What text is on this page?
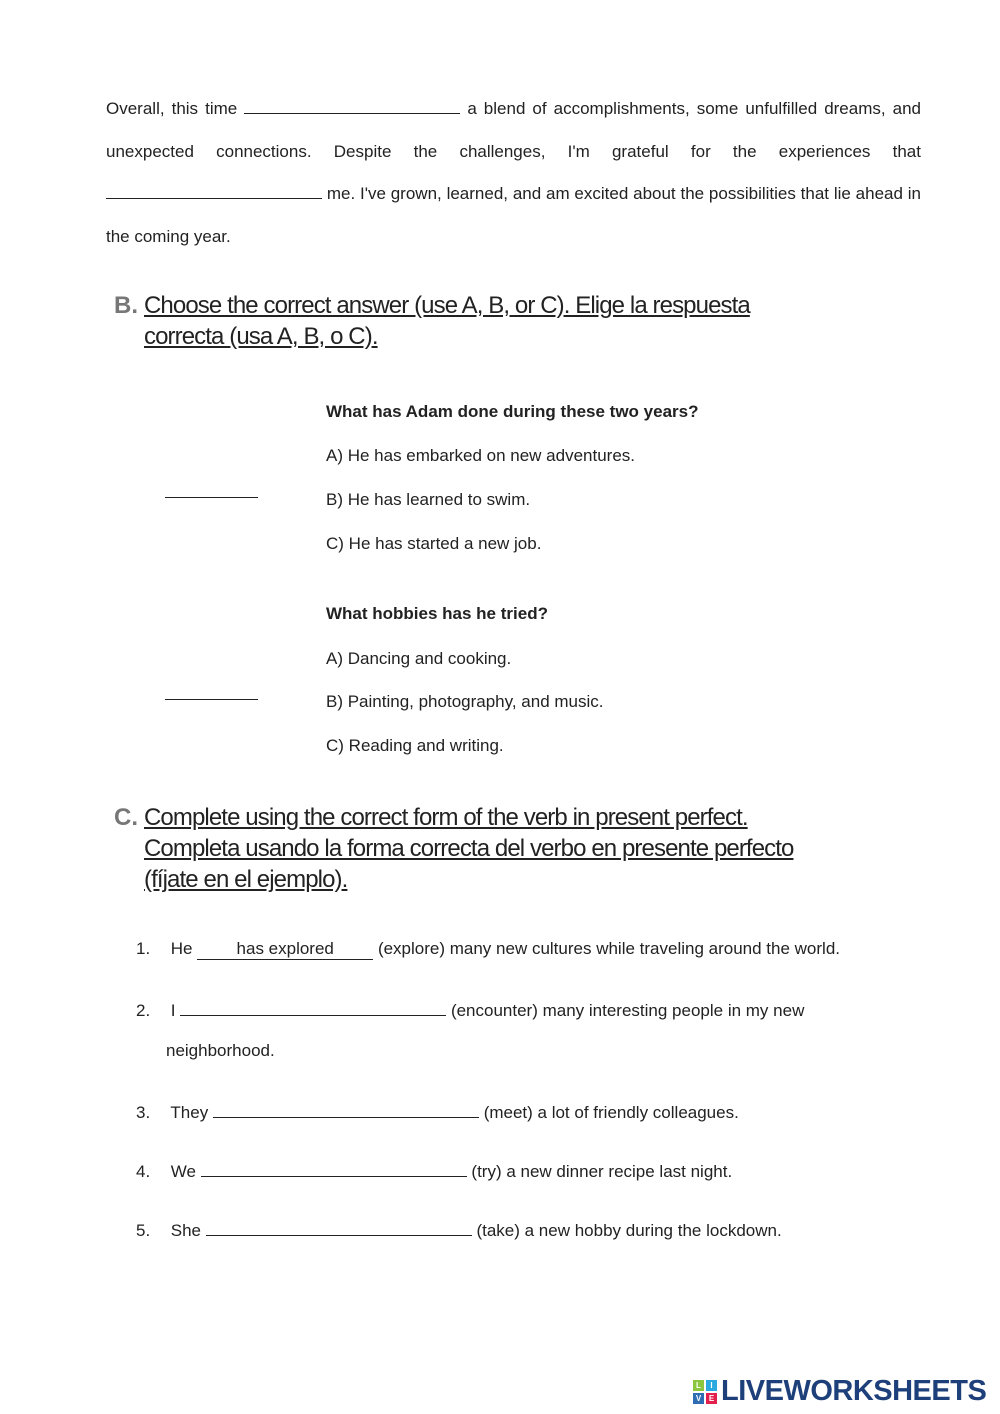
Overall, this time	a blend of accomplishments, some unfulfilled dreams, and unexpected connections. Despite the challenges, I'm grateful for the experiences that  me. I've grown, learned, and am excited about the possibilities that lie ahead in the coming year.
B. Choose the correct answer (use A, B, or C). Elige la respuesta
correcta (usa A, B, o C).
What has Adam done during these two years?
A) He has embarked on new adventures.
B) He has learned to swim.
C) He has started a new job.
What hobbies has he tried?
A) Dancing and cooking.
B) Painting, photography, and music.
C) Reading and writing.
C. Complete using the correct form of the verb in present perfect.
Completa usando la forma correcta del verbo en presente perfecto
(fíjate en el ejemplo).
1. He	has explored	(explore) many new cultures while traveling around the world.
2. I	(encounter) many interesting people in my new
neighborhood.
3. They	(meet) a lot of friendly colleagues.
4. We	(try) a new dinner recipe last night.
5. She	(take) a new hobby during the lockdown.
L	I
V E LIVEWORKSHEETS
